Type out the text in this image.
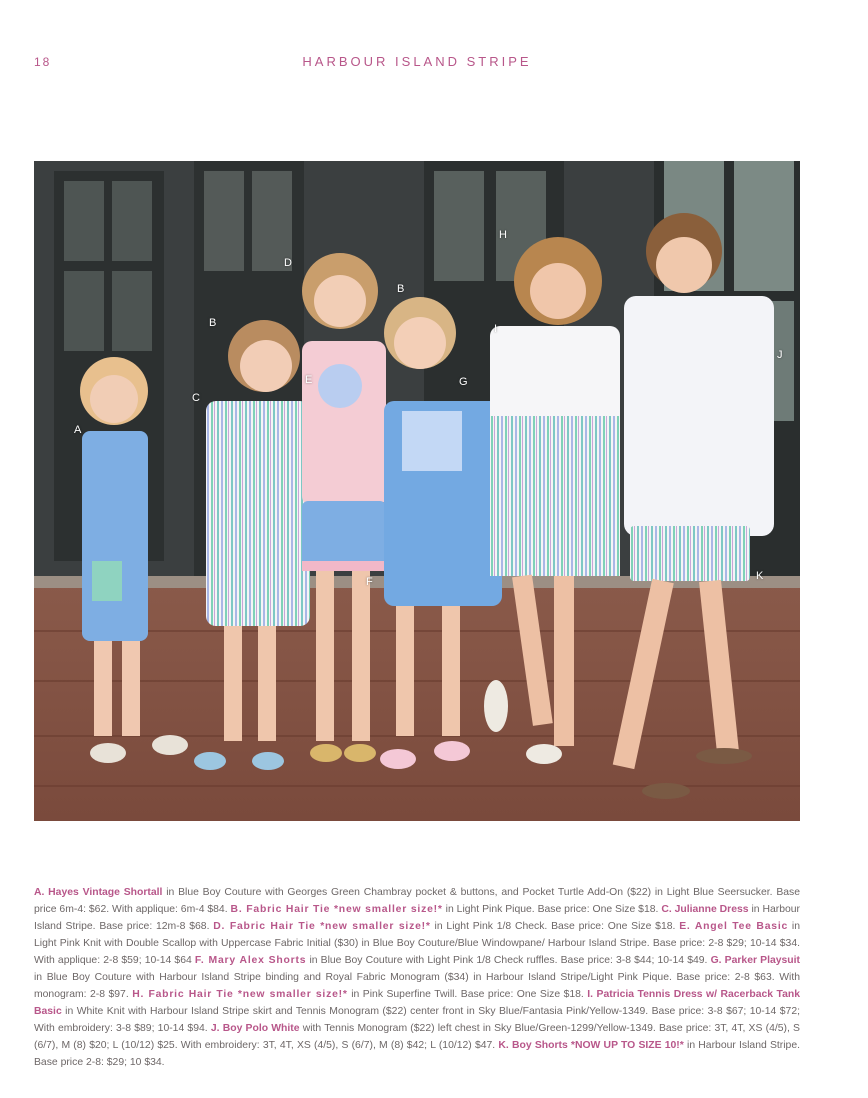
18	HARBOUR ISLAND STRIPE
A
B
C
D
E
B
F
G
H
I
J
K
A. Hayes Vintage Shortall in Blue Boy Couture with Georges Green Chambray pocket & buttons, and Pocket Turtle Add-On ($22) in Light Blue Seersucker. Base price 6m-4: $62. With applique: 6m-4 $84. B. Fabric Hair Tie *new smaller size!* in Light Pink Pique. Base price: One Size $18. C. Julianne Dress in Harbour Island Stripe. Base price: 12m-8 $68. D. Fabric Hair Tie *new smaller size!* in Light Pink 1/8 Check. Base price: One Size $18. E. Angel Tee Basic in Light Pink Knit with Double Scallop with Uppercase Fabric Initial ($30) in Blue Boy Couture/Blue Windowpane/ Harbour Island Stripe. Base price: 2-8 $29; 10-14 $34. With applique: 2-8 $59; 10-14 $64 F. Mary Alex Shorts in Blue Boy Couture with Light Pink 1/8 Check ruffles. Base price: 3-8 $44; 10-14 $49. G. Parker Playsuit in Blue Boy Couture with Harbour Island Stripe binding and Royal Fabric Monogram ($34) in Harbour Island Stripe/Light Pink Pique. Base price: 2-8 $63. With monogram: 2-8 $97. H. Fabric Hair Tie *new smaller size!* in Pink Superfine Twill. Base price: One Size $18. I. Patricia Tennis Dress w/ Racerback Tank Basic in White Knit with Harbour Island Stripe skirt and Tennis Monogram ($22) center front in Sky Blue/Fantasia Pink/Yellow-1349. Base price: 3-8 $67; 10-14 $72; With embroidery: 3-8 $89; 10-14 $94. J. Boy Polo White with Tennis Monogram ($22) left chest in Sky Blue/Green-1299/Yellow-1349. Base price: 3T, 4T, XS (4/5), S (6/7), M (8) $20; L (10/12) $25. With embroidery: 3T, 4T, XS (4/5), S (6/7), M (8) $42; L (10/12) $47. K. Boy Shorts *NOW UP TO SIZE 10!* in Harbour Island Stripe. Base price 2-8: $29; 10 $34.
